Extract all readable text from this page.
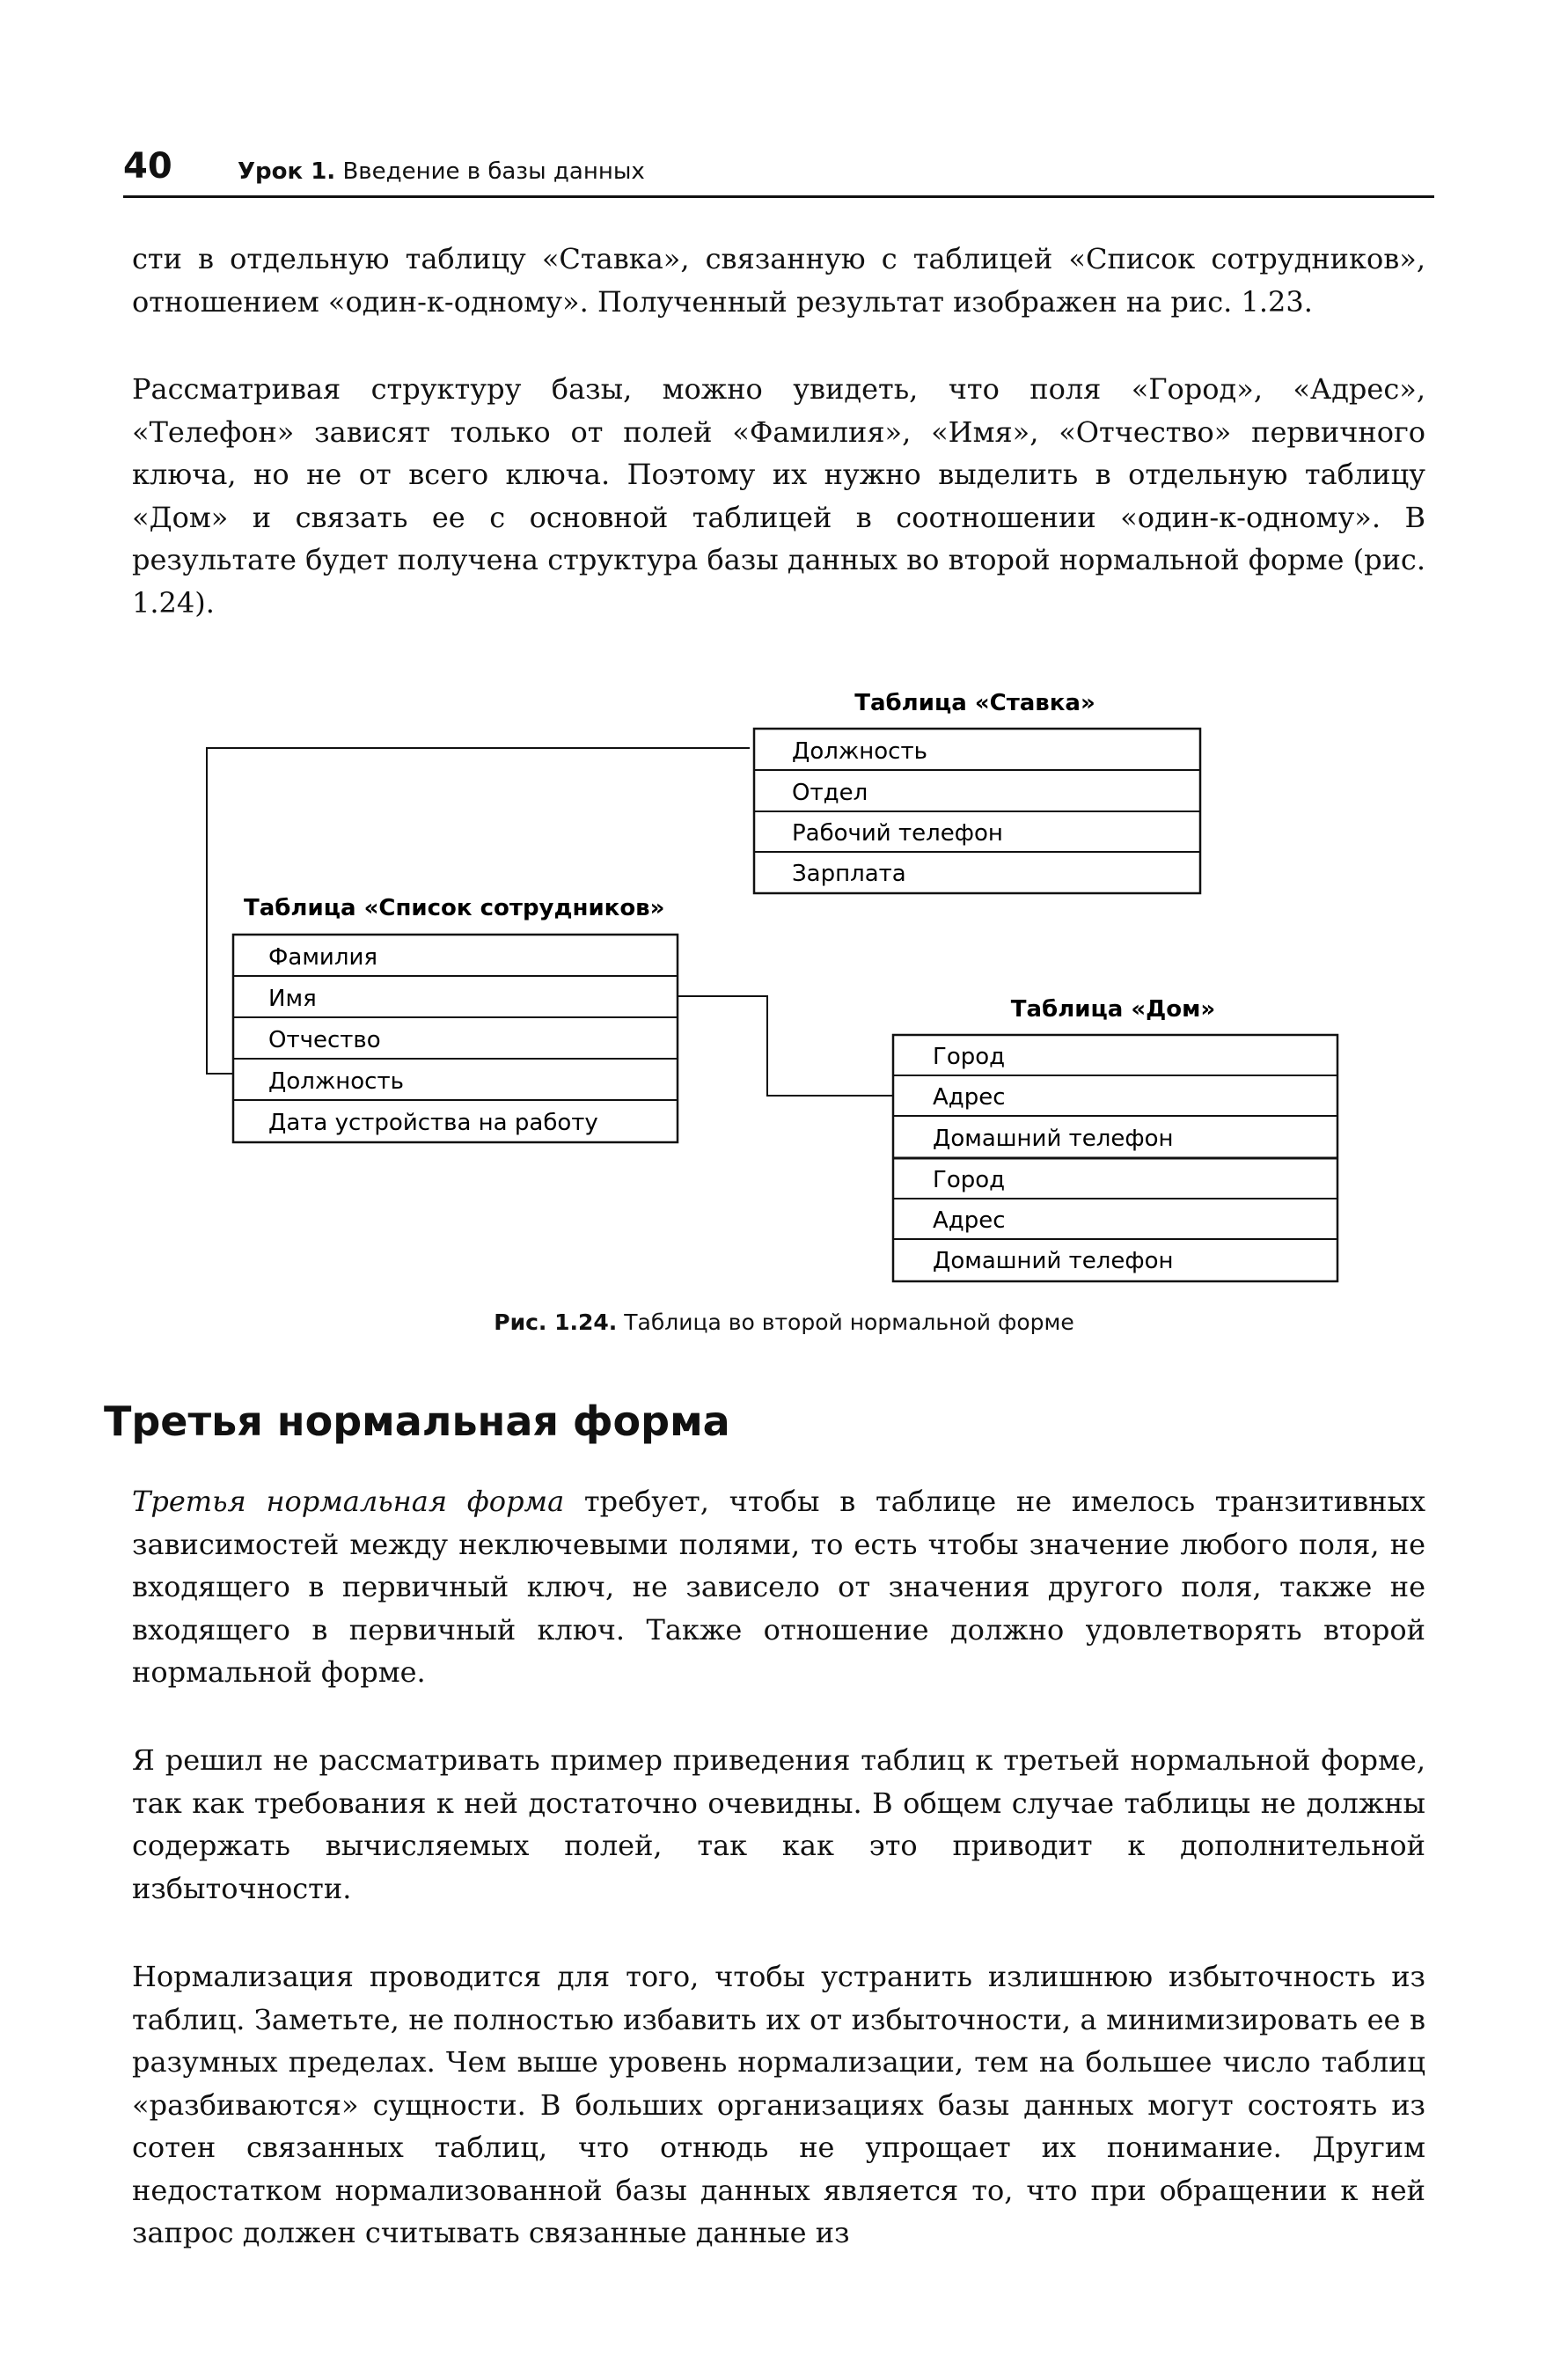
40	Урок 1. Введение в базы данных

сти в отдельную таблицу «Ставка», связанную с таблицей «Список сотрудников», отношением «один-к-одному». Полученный результат изображен на рис. 1.23.

Рассматривая структуру базы, можно увидеть, что поля «Город», «Адрес», «Телефон» зависят только от полей «Фамилия», «Имя», «Отчество» первичного ключа, но не от всего ключа. Поэтому их нужно выделить в отдельную таблицу «Дом» и связать ее с основной таблицей в соотношении «один-к-одному». В результате будет получена структура базы данных во второй нормальной форме (рис. 1.24).

Таблица «Ставка»
Должность
Отдел
Рабочий телефон
Зарплата
Таблица «Список сотрудников»
Фамилия
Имя
Отчество
Должность
Дата устройства на работу
Таблица «Дом»
Город
Адрес
Домашний телефон
Город
Адрес
Домашний телефон
Рис. 1.24. Таблица во второй нормальной форме
Третья нормальная форма

Третья нормальная форма требует, чтобы в таблице не имелось транзитивных зависимостей между неключевыми полями, то есть чтобы значение любого поля, не входящего в первичный ключ, не зависело от значения другого поля, также не входящего в первичный ключ. Также отношение должно удовлетворять второй нормальной форме.

Я решил не рассматривать пример приведения таблиц к третьей нормальной форме, так как требования к ней достаточно очевидны. В общем случае таблицы не должны содержать вычисляемых полей, так как это приводит к дополнительной избыточности.

Нормализация проводится для того, чтобы устранить излишнюю избыточность из таблиц. Заметьте, не полностью избавить их от избыточности, а минимизировать ее в разумных пределах. Чем выше уровень нормализации, тем на большее число таблиц «разбиваются» сущности. В больших организациях базы данных могут состоять из сотен связанных таблиц, что отнюдь не упрощает их понимание. Другим недостатком нормализованной базы данных является то, что при обращении к ней запрос должен считывать связанные данные из
